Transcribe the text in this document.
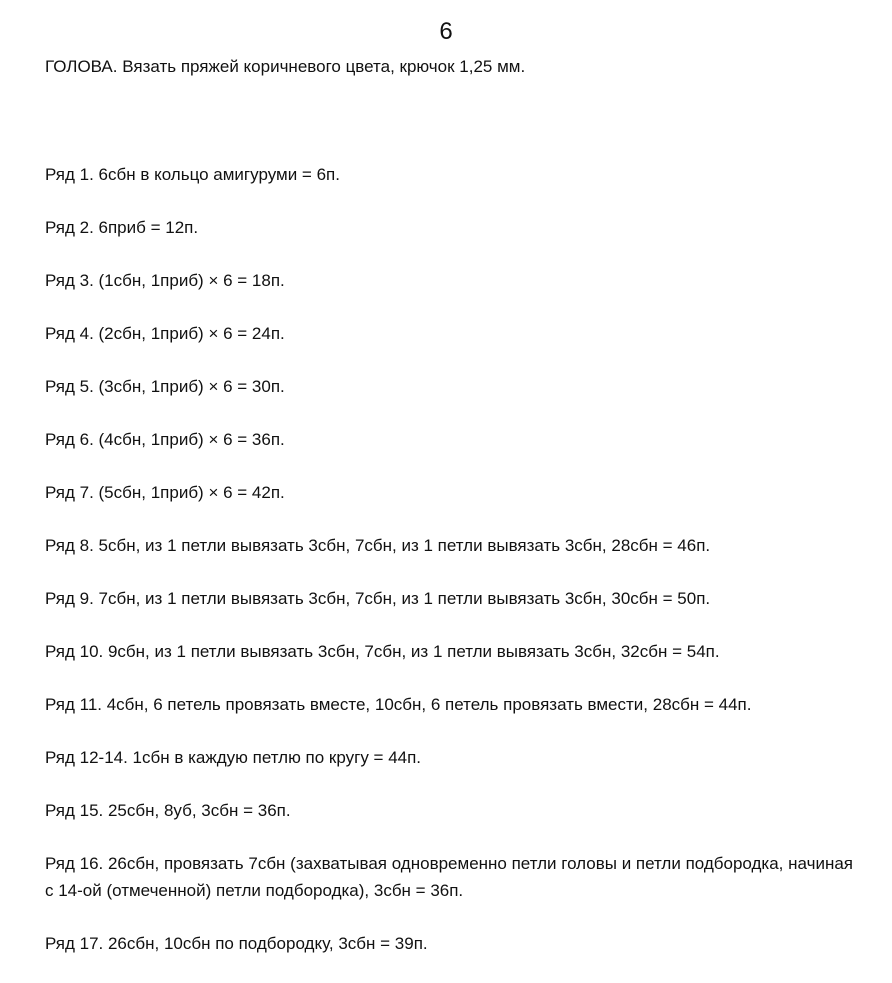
6
ГОЛОВА. Вязать пряжей коричневого цвета, крючок 1,25 мм.

Ряд 1. 6сбн в кольцо амигуруми = 6п.

Ряд 2. 6приб = 12п.

Ряд 3. (1сбн, 1приб) × 6 = 18п.

Ряд 4. (2сбн, 1приб) × 6 = 24п.

Ряд 5. (3сбн, 1приб) × 6 = 30п.

Ряд 6. (4сбн, 1приб) × 6 = 36п.

Ряд 7. (5сбн, 1приб) × 6 = 42п.

Ряд 8. 5сбн, из 1 петли вывязать 3сбн, 7сбн, из 1 петли вывязать 3сбн, 28сбн = 46п.

Ряд 9. 7сбн, из 1 петли вывязать 3сбн, 7сбн, из 1 петли вывязать 3сбн, 30сбн = 50п.

Ряд 10. 9сбн, из 1 петли вывязать 3сбн, 7сбн, из 1 петли вывязать 3сбн, 32сбн = 54п.

Ряд 11. 4сбн, 6 петель провязать вместе, 10сбн, 6 петель провязать вмести, 28сбн = 44п.

Ряд 12-14. 1сбн в каждую петлю по кругу = 44п.

Ряд 15. 25сбн, 8уб, 3сбн = 36п.

Ряд 16. 26сбн, провязать 7сбн (захватывая одновременно петли головы и петли подбородка, начиная с 14-ой (отмеченной) петли подбородка), 3сбн = 36п.

Ряд 17. 26сбн, 10сбн по подбородку, 3сбн = 39п.
